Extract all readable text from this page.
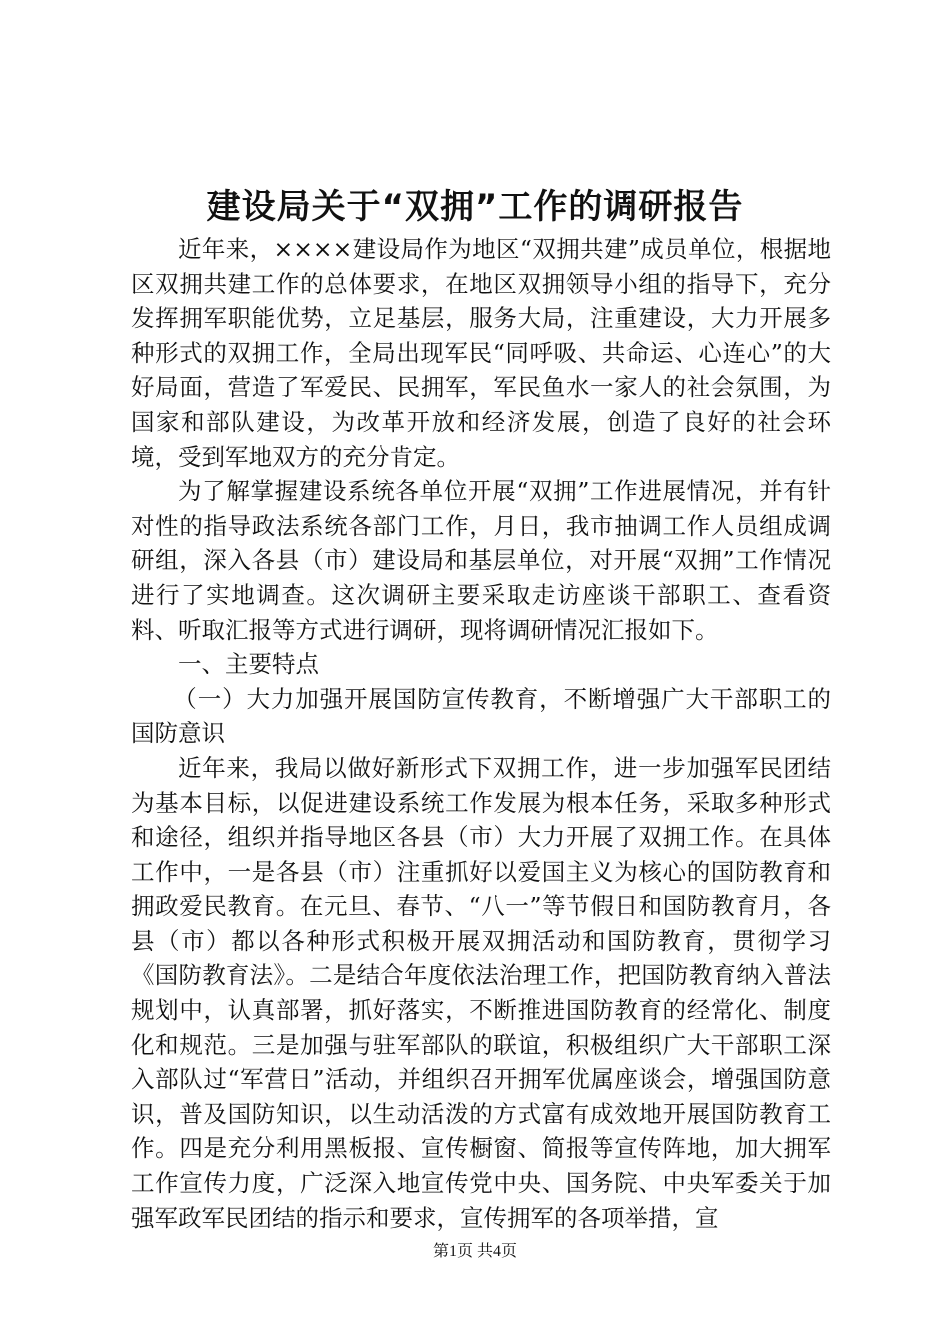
建设局关于“双拥”工作的调研报告

近年来，××××建设局作为地区“双拥共建”成员单位，根据地区双拥共建工作的总体要求，在地区双拥领导小组的指导下，充分发挥拥军职能优势，立足基层，服务大局，注重建设，大力开展多种形式的双拥工作，全局出现军民“同呼吸、共命运、心连心”的大好局面，营造了军爱民、民拥军，军民鱼水一家人的社会氛围，为国家和部队建设，为改革开放和经济发展，创造了良好的社会环境，受到军地双方的充分肯定。

为了解掌握建设系统各单位开展“双拥”工作进展情况，并有针对性的指导政法系统各部门工作，月日，我市抽调工作人员组成调研组，深入各县（市）建设局和基层单位，对开展“双拥”工作情况进行了实地调查。这次调研主要采取走访座谈干部职工、查看资料、听取汇报等方式进行调研，现将调研情况汇报如下。

一、主要特点

（一）大力加强开展国防宣传教育，不断增强广大干部职工的国防意识

近年来，我局以做好新形式下双拥工作，进一步加强军民团结为基本目标，以促进建设系统工作发展为根本任务，采取多种形式和途径，组织并指导地区各县（市）大力开展了双拥工作。在具体工作中，一是各县（市）注重抓好以爱国主义为核心的国防教育和拥政爱民教育。在元旦、春节、“八一”等节假日和国防教育月，各县（市）都以各种形式积极开展双拥活动和国防教育，贯彻学习《国防教育法》。二是结合年度依法治理工作，把国防教育纳入普法规划中，认真部署，抓好落实，不断推进国防教育的经常化、制度化和规范。三是加强与驻军部队的联谊，积极组织广大干部职工深入部队过“军营日”活动，并组织召开拥军优属座谈会，增强国防意识，普及国防知识，以生动活泼的方式富有成效地开展国防教育工作。四是充分利用黑板报、宣传橱窗、简报等宣传阵地，加大拥军工作宣传力度，广泛深入地宣传党中央、国务院、中央军委关于加强军政军民团结的指示和要求，宣传拥军的各项举措，宣

第1页 共4页
